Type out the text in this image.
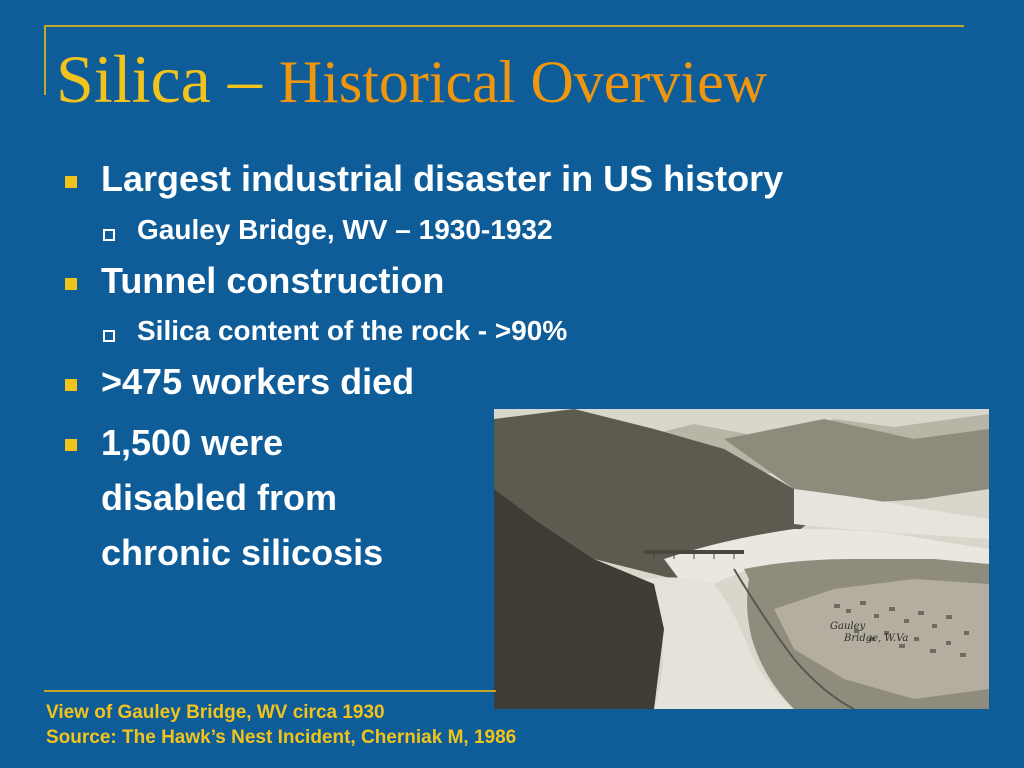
Silica – Historical Overview
Largest industrial disaster in US history
Gauley Bridge, WV – 1930-1932
Tunnel construction
Silica content of the rock - >90%
>475 workers died
1,500 were
disabled from
chronic silicosis
Gauley
Bridge, W.Va

View of Gauley Bridge, WV circa 1930
Source: The Hawk’s Nest Incident, Cherniak M, 1986
